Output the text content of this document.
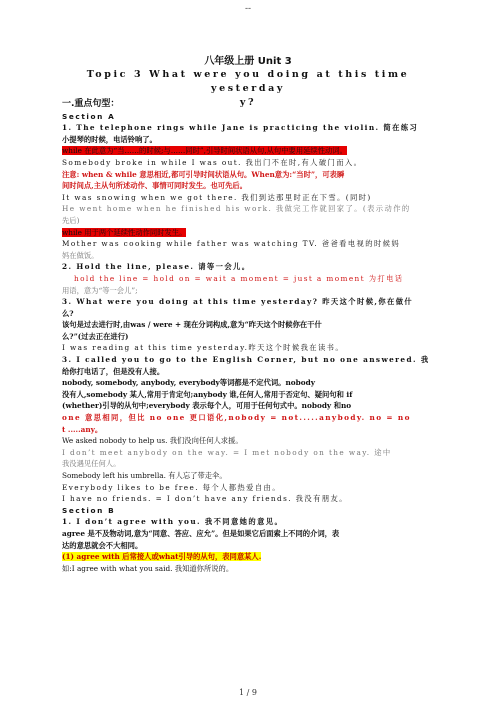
--
八年级上册 Unit 3
Topic 3 What were you doing at this time yesterday
y?

一.重点句型：

Section A

1. The telephone rings while Jane is practicing the violin. 简在练习

小提琴的时候，电话铃响了。

while 在此意为“当……的时候;与……同时”,引导时间状语从句,从句中要用延续性动词。

Somebody broke in while I was out. 我出门不在时,有人破门而入。

注意: when & while 意思相近,都可引导时间状语从句。When意为:“当时”，可表瞬

间时间点,主从句所述动作、事情可同时发生。也可先后。

It was snowing when we got there. 我们到达那里时正在下雪。(同时)

He went home when he finished his work. 我做完工作就回家了。(表示动作的

先后)

while 用于两个延续性动作同时发生。

Mother was cooking while father was watching TV. 爸爸看电视的时候妈

妈在做饭。

2. Hold the line, please. 请等一会儿。

hold the line = hold on = wait a moment = just a moment 为打电话

用语，意为“等一会儿”;

3. What were you doing at this time yesterday? 昨天这个时候,你在做什

么?

该句是过去进行时,由was / were + 现在分词构成,意为“昨天这个时候你在干什

么?”(过去正在进行)

I was reading at this time yesterday.昨天这个时候我在读书。

3. I called you to go to the English Corner, but no one answered. 我

给你打电话了，但是没有人接。

nobody, somebody, anybody, everybody等词都是不定代词。nobody

没有人,somebody 某人,常用于肯定句;anybody 谁,任何人,常用于否定句、疑问句和 if

(whether)引导的从句中;everybody 表示每个人，可用于任何句式中。nobody 和no

one 意思相同，但比 no one 更口语化,nobody = not.....anybody. no = no

t .....any。

We asked nobody to help us. 我们没向任何人求援。

I don’t meet anybody on the way. = I met nobody on the way. 途中

我没遇见任何人。

Somebody left his umbrella. 有人忘了带走伞。

Everybody likes to be free. 每个人都热爱自由。

I have no friends. = I don’t have any friends. 我没有朋友。

Section B

1. I don’t agree with you. 我不同意她的意见。

agree 是不及物动词,意为“同意、答应、应允”。但是如果它后面索上不同的介词，表

达的意思就会不大相同。

(1) agree with 后常接人或what引导的从句，表同意某人.

如:I agree with what you said. 我知道你所说的。

1 / 9
